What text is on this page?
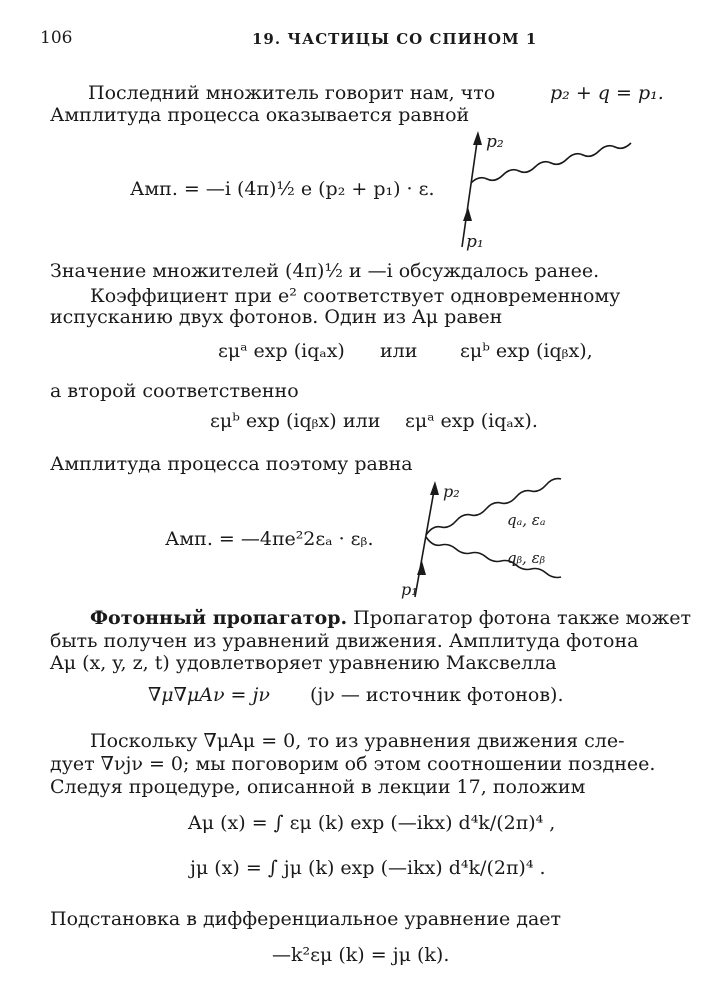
106	19. ЧАСТИЦЫ СО СПИНОМ 1
Последний множитель говорит нам, что	p₂ + q = p₁.
Амплитуда процесса оказывается равной
Амп. = —i (4π)½ e (p₂ + p₁) · ε.
p₂
p₁
Значение множителей (4π)½ и —i обсуждалось ранее.
Коэффициент при e² соответствует одновременному
испусканию двух фотонов. Один из Aμ равен
εμᵃ exp (iqₐx) или εμᵇ exp (iqᵦx),
а второй соответственно
εμᵇ exp (iqᵦx) или εμᵃ exp (iqₐx).
Амплитуда процесса поэтому равна
Амп. = —4πe²2εₐ · εᵦ.
p₂
p₁
qₐ, εₐ
qᵦ, εᵦ
Фотонный пропагатор. Пропагатор фотона также может
быть получен из уравнений движения. Амплитуда фотона
Aμ (x, y, z, t) удовлетворяет уравнению Максвелла
∇μ∇μAν = jν (jν — источник фотонов).
Поскольку ∇μAμ = 0, то из уравнения движения сле-
дует ∇νjν = 0; мы поговорим об этом соотношении позднее.
Следуя процедуре, описанной в лекции 17, положим
Aμ (x) = ∫ εμ (k) exp (—ikx) d⁴k/(2π)⁴ ,
jμ (x) = ∫ jμ (k) exp (—ikx) d⁴k/(2π)⁴ .
Подстановка в дифференциальное уравнение дает
—k²εμ (k) = jμ (k).
